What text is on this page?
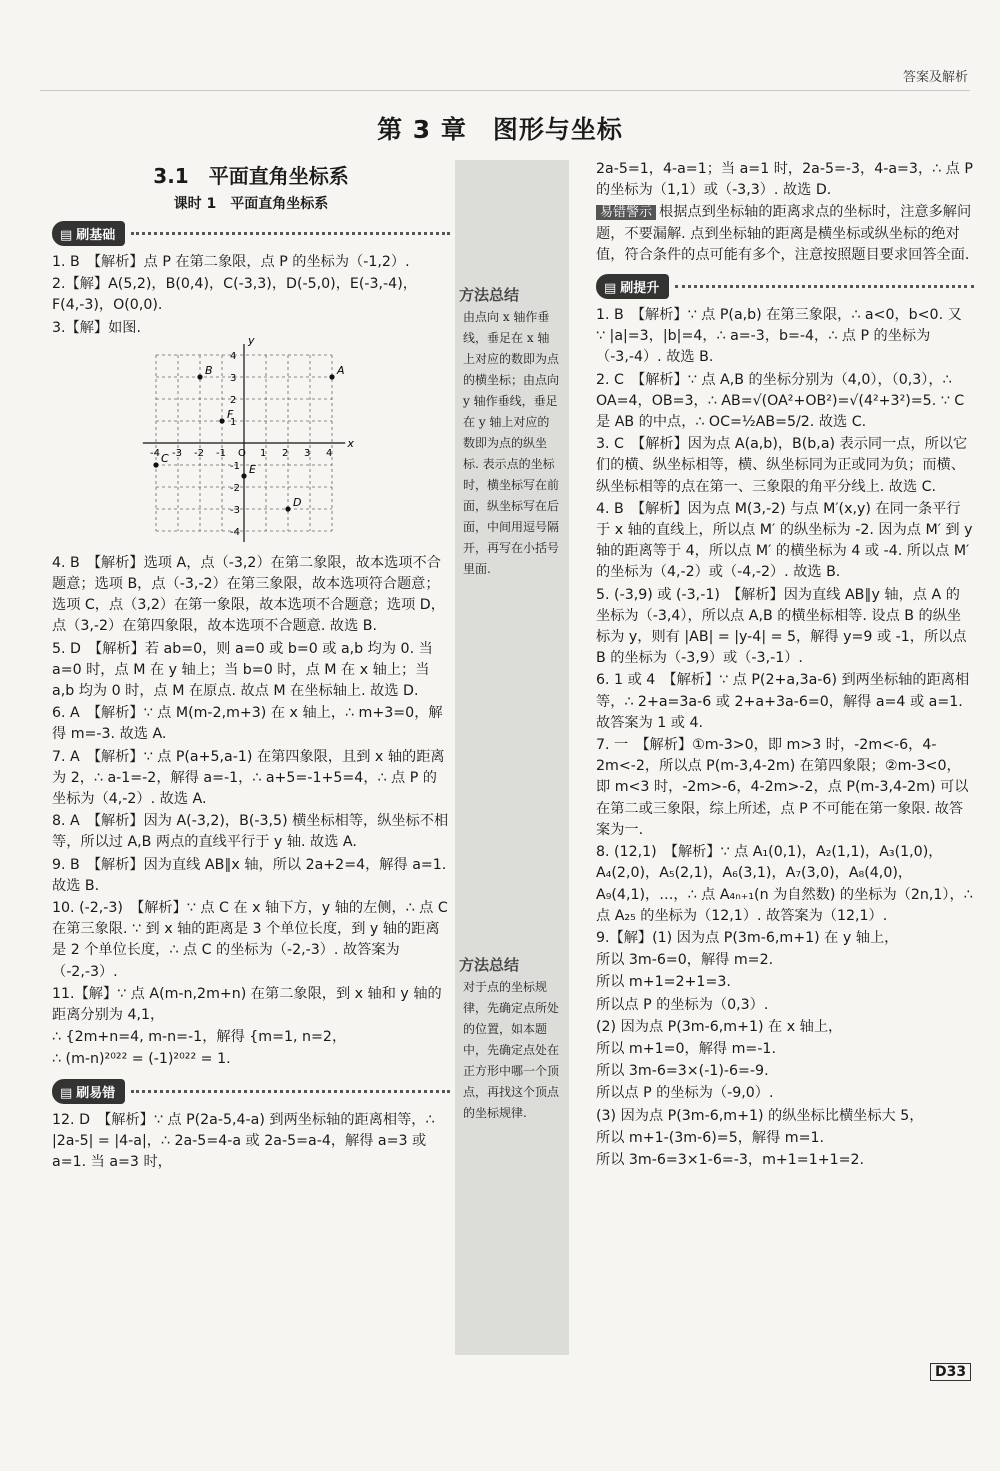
答案及解析
第 3 章　图形与坐标
3.1　平面直角坐标系
课时 1　平面直角坐标系
▤ 刷基础
1. B　【解析】点 P 在第二象限，点 P 的坐标为（-1,2）.
2.【解】A(5,2)，B(0,4)，C(-3,3)，D(-5,0)，E(-3,-4)，F(4,-3)，O(0,0).
3.【解】如图.
x
y
-4 -3 -2 -1 O 1 2 3 4
4
3
2
1
-1
-2
-3
-4
A
B
C
D
E
F
4. B　【解析】选项 A，点（-3,2）在第二象限，故本选项不合题意；选项 B，点（-3,-2）在第三象限，故本选项符合题意；选项 C，点（3,2）在第一象限，故本选项不合题意；选项 D，点（3,-2）在第四象限，故本选项不合题意. 故选 B.
5. D　【解析】若 ab=0，则 a=0 或 b=0 或 a,b 均为 0. 当 a=0 时，点 M 在 y 轴上；当 b=0 时，点 M 在 x 轴上；当 a,b 均为 0 时，点 M 在原点. 故点 M 在坐标轴上. 故选 D.
6. A　【解析】∵ 点 M(m-2,m+3) 在 x 轴上，∴ m+3=0，解得 m=-3. 故选 A.
7. A　【解析】∵ 点 P(a+5,a-1) 在第四象限，且到 x 轴的距离为 2，∴ a-1=-2，解得 a=-1，∴ a+5=-1+5=4，∴ 点 P 的坐标为（4,-2）. 故选 A.
8. A　【解析】因为 A(-3,2)，B(-3,5) 横坐标相等，纵坐标不相等，所以过 A,B 两点的直线平行于 y 轴. 故选 A.
9. B　【解析】因为直线 AB∥x 轴，所以 2a+2=4，解得 a=1. 故选 B.
10. (-2,-3)　【解析】∵ 点 C 在 x 轴下方，y 轴的左侧，∴ 点 C 在第三象限. ∵ 到 x 轴的距离是 3 个单位长度，到 y 轴的距离是 2 个单位长度，∴ 点 C 的坐标为（-2,-3）. 故答案为（-2,-3）.
11.【解】∵ 点 A(m-n,2m+n) 在第二象限，到 x 轴和 y 轴的距离分别为 4,1，
∴ {2m+n=4, m-n=-1，解得 {m=1, n=2，
∴ (m-n)²⁰²² = (-1)²⁰²² = 1.
▤ 刷易错
12. D　【解析】∵ 点 P(2a-5,4-a) 到两坐标轴的距离相等，∴ |2a-5| = |4-a|，∴ 2a-5=4-a 或 2a-5=a-4，解得 a=3 或 a=1. 当 a=3 时，
方法总结
由点向 x 轴作垂线，垂足在 x 轴上对应的数即为点的横坐标；由点向 y 轴作垂线，垂足在 y 轴上对应的数即为点的纵坐标. 表示点的坐标时，横坐标写在前面，纵坐标写在后面，中间用逗号隔开，再写在小括号里面.
方法总结
对于点的坐标规律，先确定点所处的位置，如本题中，先确定点处在正方形中哪一个顶点，再找这个顶点的坐标规律.
2a-5=1，4-a=1；当 a=1 时，2a-5=-3，4-a=3，∴ 点 P 的坐标为（1,1）或（-3,3）. 故选 D.
易错警示 根据点到坐标轴的距离求点的坐标时，注意多解问题，不要漏解. 点到坐标轴的距离是横坐标或纵坐标的绝对值，符合条件的点可能有多个，注意按照题目要求回答全面.
▤ 刷提升
1. B　【解析】∵ 点 P(a,b) 在第三象限，∴ a<0，b<0. 又 ∵ |a|=3，|b|=4，∴ a=-3，b=-4，∴ 点 P 的坐标为（-3,-4）. 故选 B.
2. C　【解析】∵ 点 A,B 的坐标分别为（4,0），（0,3），∴ OA=4，OB=3，∴ AB=√(OA²+OB²)=√(4²+3²)=5. ∵ C 是 AB 的中点，∴ OC=½AB=5/2. 故选 C.
3. C　【解析】因为点 A(a,b)，B(b,a) 表示同一点，所以它们的横、纵坐标相等，横、纵坐标同为正或同为负；而横、纵坐标相等的点在第一、三象限的角平分线上. 故选 C.
4. B　【解析】因为点 M(3,-2) 与点 M′(x,y) 在同一条平行于 x 轴的直线上，所以点 M′ 的纵坐标为 -2. 因为点 M′ 到 y 轴的距离等于 4，所以点 M′ 的横坐标为 4 或 -4. 所以点 M′ 的坐标为（4,-2）或（-4,-2）. 故选 B.
5. (-3,9) 或 (-3,-1)　【解析】因为直线 AB∥y 轴，点 A 的坐标为（-3,4），所以点 A,B 的横坐标相等. 设点 B 的纵坐标为 y，则有 |AB| = |y-4| = 5，解得 y=9 或 -1，所以点 B 的坐标为（-3,9）或（-3,-1）.
6. 1 或 4　【解析】∵ 点 P(2+a,3a-6) 到两坐标轴的距离相等，∴ 2+a=3a-6 或 2+a+3a-6=0，解得 a=4 或 a=1. 故答案为 1 或 4.
7. 一　【解析】①m-3>0，即 m>3 时，-2m<-6，4-2m<-2，所以点 P(m-3,4-2m) 在第四象限；②m-3<0，即 m<3 时，-2m>-6，4-2m>-2，点 P(m-3,4-2m) 可以在第二或三象限，综上所述，点 P 不可能在第一象限. 故答案为一.
8. (12,1)　【解析】∵ 点 A₁(0,1)，A₂(1,1)，A₃(1,0)，A₄(2,0)，A₅(2,1)，A₆(3,1)，A₇(3,0)，A₈(4,0)，A₉(4,1)，…，∴ 点 A₄ₙ₊₁(n 为自然数) 的坐标为（2n,1），∴ 点 A₂₅ 的坐标为（12,1）. 故答案为（12,1）.
9.【解】(1) 因为点 P(3m-6,m+1) 在 y 轴上，
所以 3m-6=0，解得 m=2.
所以 m+1=2+1=3.
所以点 P 的坐标为（0,3）.
(2) 因为点 P(3m-6,m+1) 在 x 轴上，
所以 m+1=0，解得 m=-1.
所以 3m-6=3×(-1)-6=-9.
所以点 P 的坐标为（-9,0）.
(3) 因为点 P(3m-6,m+1) 的纵坐标比横坐标大 5，
所以 m+1-(3m-6)=5，解得 m=1.
所以 3m-6=3×1-6=-3，m+1=1+1=2.
D33
